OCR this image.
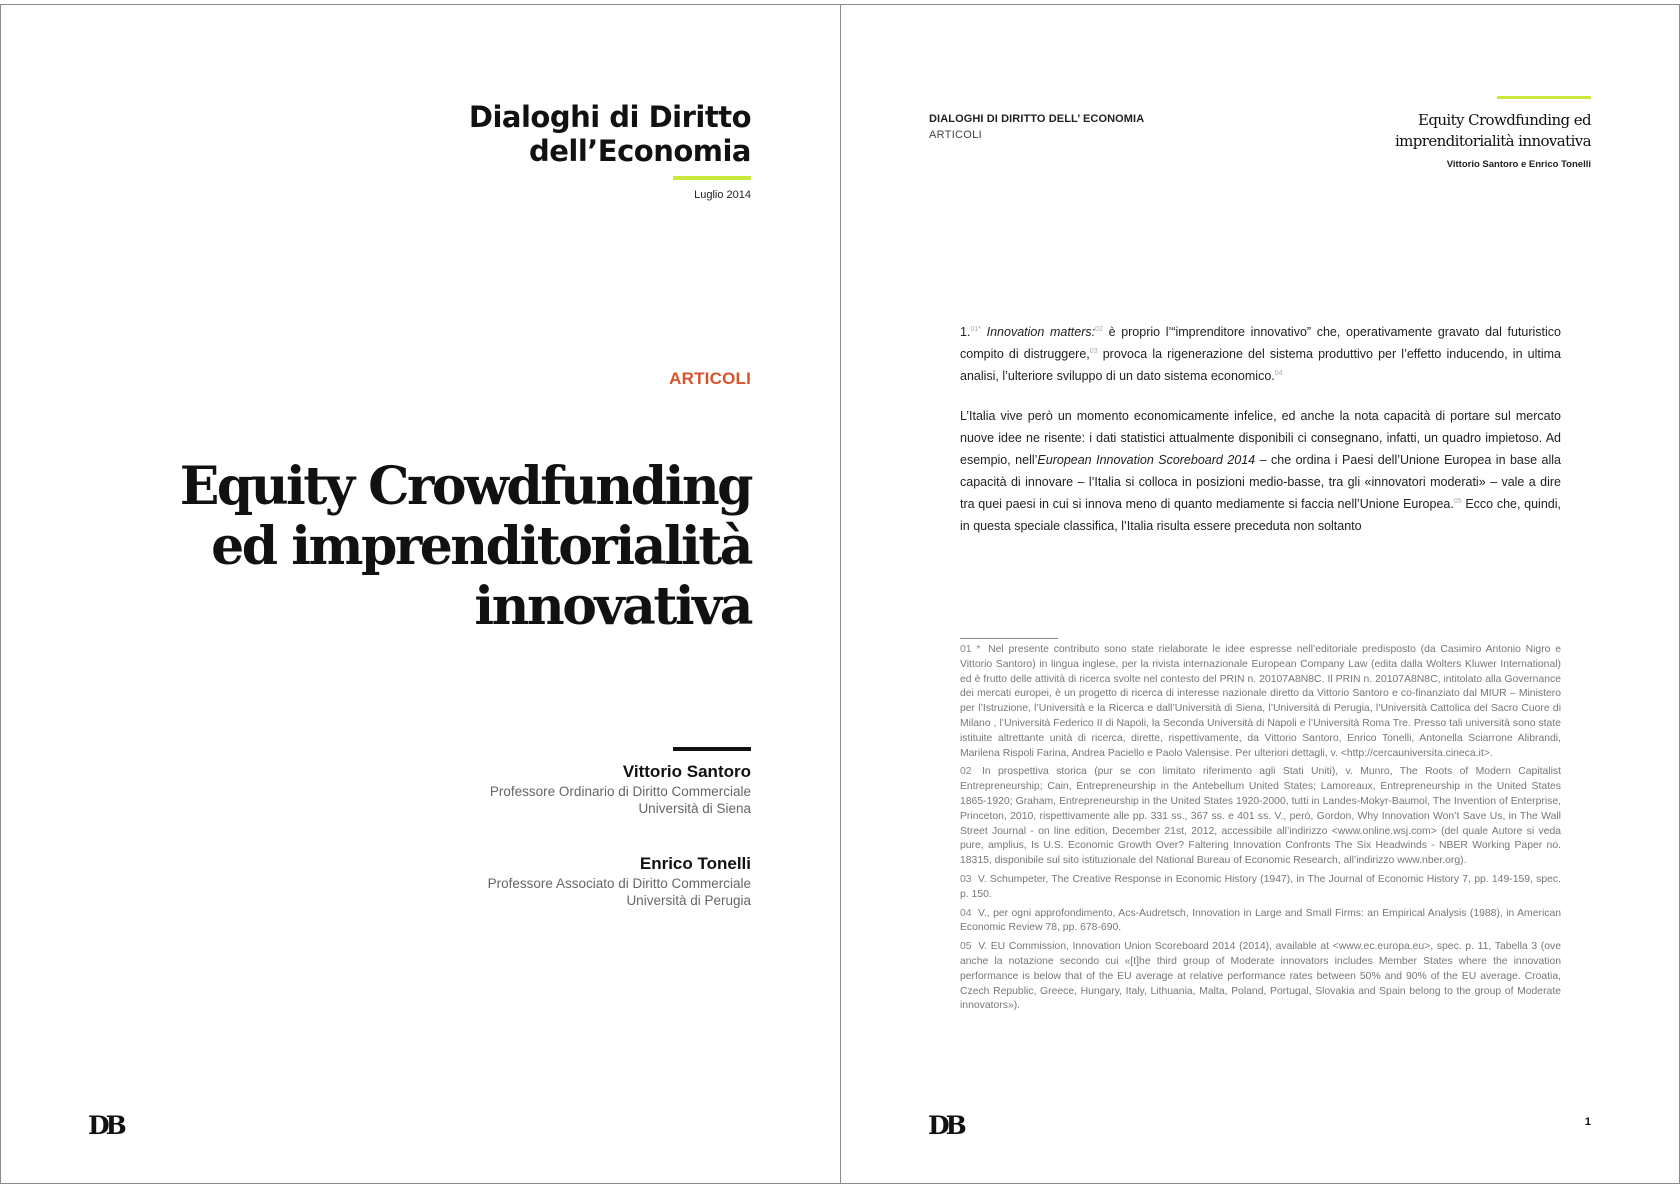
Dialoghi di Diritto
dell’Economia
Luglio 2014
ARTICOLI
Equity Crowdfunding
ed imprenditorialità
innovativa
Vittorio Santoro
Professore Ordinario di Diritto Commerciale
Università di Siena
Enrico Tonelli
Professore Associato di Diritto Commerciale
Università di Perugia
DB
DIALOGHI DI DIRITTO DELL’ ECONOMIA
ARTICOLI
Equity Crowdfunding ed
imprenditorialità innovativa
Vittorio Santoro e Enrico Tonelli
1.$^{01*}$ Innovation matters:$^{02}$ è proprio l’“imprenditore innovativo” che, operativamente gravato dal futuristico compito di distruggere,$^{03}$ provoca la rigenerazione del sistema produttivo per l’effetto inducendo, in ultima analisi, l’ulteriore sviluppo di un dato sistema economico.$^{04}$
L’Italia vive però un momento economicamente infelice, ed anche la nota capacità di portare sul mercato nuove idee ne risente: i dati statistici attualmente disponibili ci consegnano, infatti, un quadro impietoso. Ad esempio, nell’European Innovation Scoreboard 2014 – che ordina i Paesi dell’Unione Europea in base alla capacità di innovare – l’Italia si colloca in posizioni medio-basse, tra gli «innovatori moderati» – vale a dire tra quei paesi in cui si innova meno di quanto mediamente si faccia nell’Unione Europea.$^{05}$ Ecco che, quindi, in questa speciale classifica, l’Italia risulta essere preceduta non soltanto
01 * Nel presente contributo sono state rielaborate le idee espresse nell’editoriale predisposto (da Casimiro Antonio Nigro e Vittorio Santoro) in lingua inglese, per la rivista internazionale European Company Law (edita dalla Wolters Kluwer International) ed è frutto delle attività di ricerca svolte nel contesto del PRIN n. 20107A8N8C. Il PRIN n. 20107A8N8C, intitolato alla Governance dei mercati europei, è un progetto di ricerca di interesse nazionale diretto da Vittorio Santoro e co-finanziato dal MIUR – Ministero per l’Istruzione, l’Università e la Ricerca e dall’Università di Siena, l’Università di Perugia, l’Università Cattolica del Sacro Cuore di Milano , l’Università Federico II di Napoli, la Seconda Università di Napoli e l’Università Roma Tre. Presso tali università sono state istituite altrettante unità di ricerca, dirette, rispettivamente, da Vittorio Santoro, Enrico Tonelli, Antonella Sciarrone Alibrandi, Marilena Rispoli Farina, Andrea Paciello e Paolo Valensise. Per ulteriori dettagli, v. <http://cercauniversita.cineca.it>.
02 In prospettiva storica (pur se con limitato riferimento agli Stati Uniti), v. Munro, The Roots of Modern Capitalist Entrepreneurship; Cain, Entrepreneurship in the Antebellum United States; Lamoreaux, Entrepreneurship in the United States 1865-1920; Graham, Entrepreneurship in the United States 1920-2000, tutti in Landes-Mokyr-Baumol, The Invention of Enterprise, Princeton, 2010, rispettivamente alle pp. 331 ss., 367 ss. e 401 ss. V., però, Gordon, Why Innovation Won’t Save Us, in The Wall Street Journal - on line edition, December 21st, 2012, accessibile all’indirizzo <www.online.wsj.com> (del quale Autore si veda pure, amplius, Is U.S. Economic Growth Over? Faltering Innovation Confronts The Six Headwinds - NBER Working Paper no. 18315, disponibile sul sito istituzionale del National Bureau of Economic Research, all’indirizzo www.nber.org).
03 V. Schumpeter, The Creative Response in Economic History (1947), in The Journal of Economic History 7, pp. 149-159, spec. p. 150.
04 V., per ogni approfondimento, Acs-Audretsch, Innovation in Large and Small Firms: an Empirical Analysis (1988), in American Economic Review 78, pp. 678-690.
05 V. EU Commission, Innovation Union Scoreboard 2014 (2014), available at <www.ec.europa.eu>, spec. p. 11, Tabella 3 (ove anche la notazione secondo cui «[t]he third group of Moderate innovators includes Member States where the innovation performance is below that of the EU average at relative performance rates between 50% and 90% of the EU average. Croatia, Czech Republic, Greece, Hungary, Italy, Lithuania, Malta, Poland, Portugal, Slovakia and Spain belong to the group of Moderate innovators»).
DB	1
